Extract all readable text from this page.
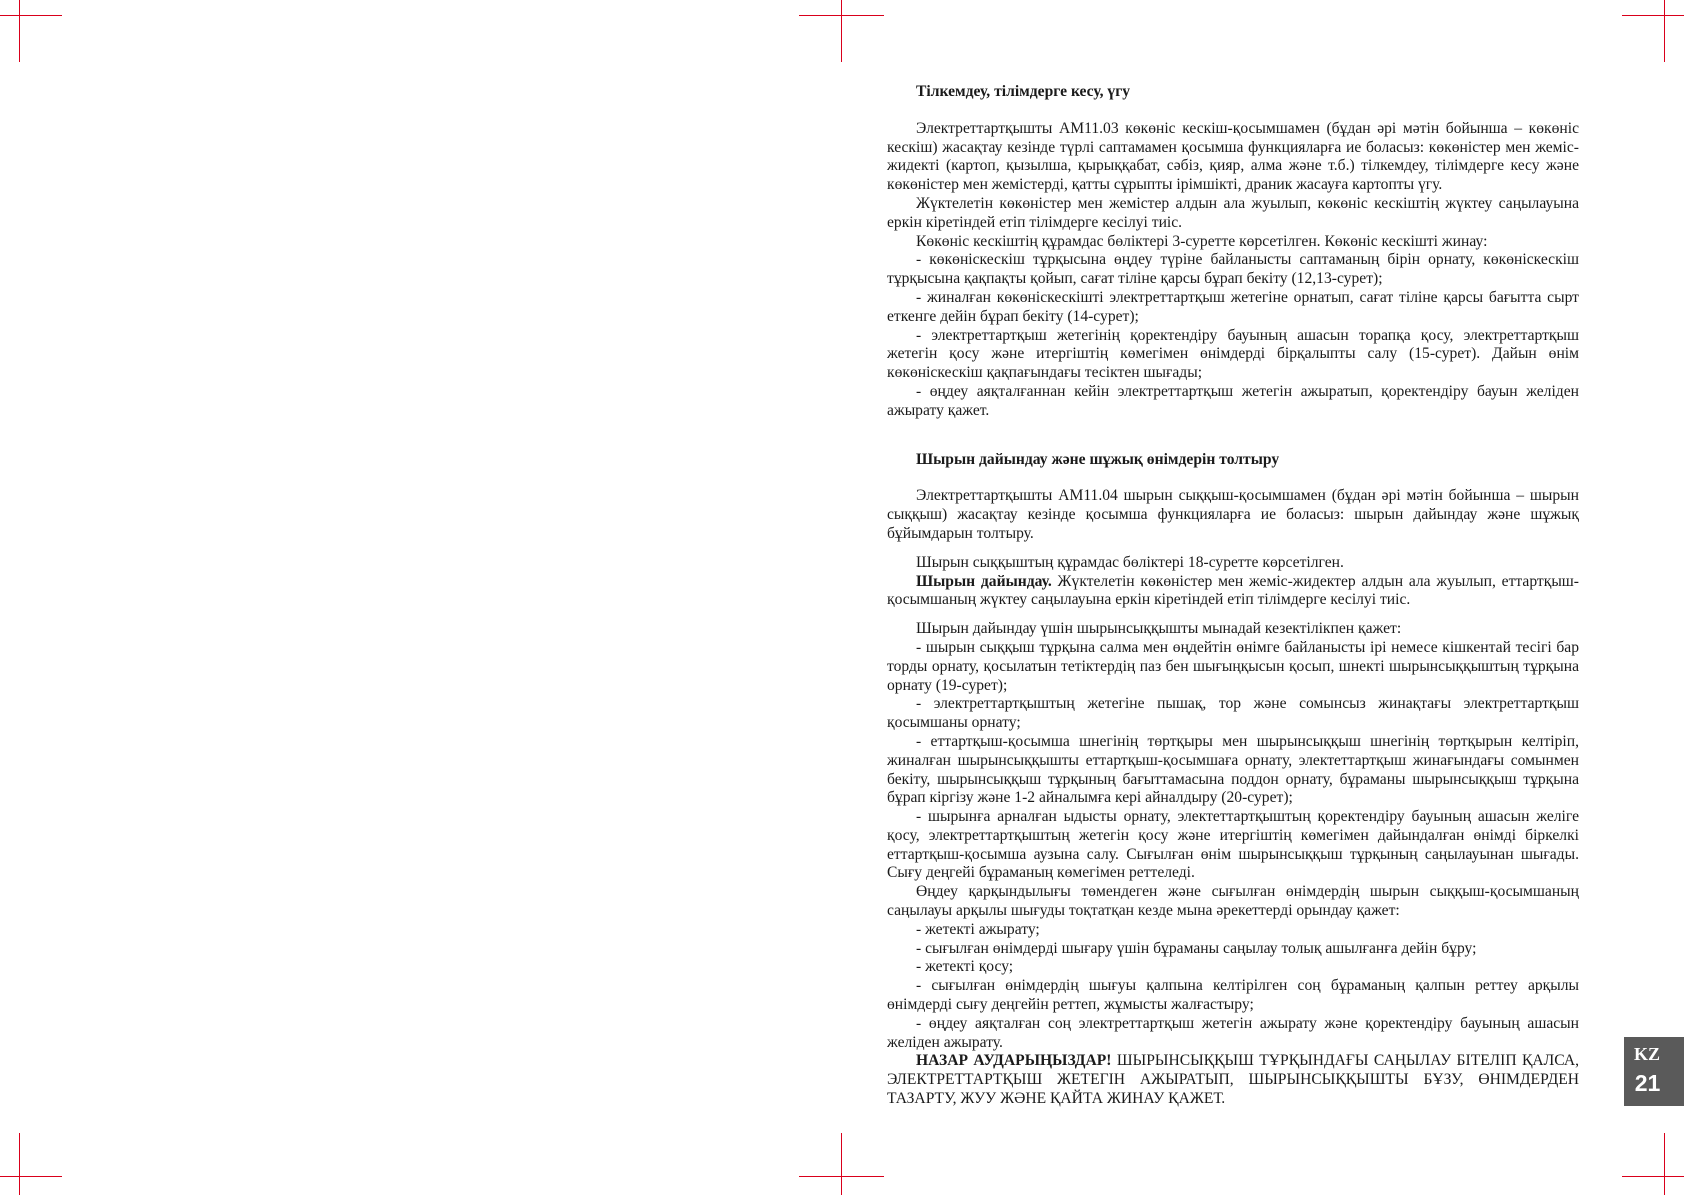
Тілкемдеу, тілімдерге кесу, үгу

Электреттартқышты АМ11.03 көкөніс кескіш-қосымшамен (бұдан әрі мәтін бойынша – көкөніс кескіш) жасақтау кезінде түрлі саптамамен қосымша функцияларға ие боласыз: көкөністер мен жеміс-жидекті (картоп, қызылша, қырыққабат, сәбіз, қияр, алма және т.б.) тілкемдеу, тілімдерге кесу және көкөністер мен жемістерді, қатты сұрыпты ірімшікті, драник жасауға картопты үгу.

Жүктелетін көкөністер мен жемістер алдын ала жуылып, көкөніс кескіштің жүктеу саңылауына еркін кіретіндей етіп тілімдерге кесілуі тиіс.

Көкөніс кескіштің құрамдас бөліктері 3-суретте көрсетілген. Көкөніс кескішті жинау:

- көкөніскескіш тұрқысына өңдеу түріне байланысты саптаманың бірін орнату, көкөніскескіш тұрқысына қақпақты қойып, сағат тіліне қарсы бұрап бекіту (12,13-сурет);

- жиналған көкөніскескішті электреттартқыш жетегіне орнатып, сағат тіліне қарсы бағытта сырт еткенге дейін бұрап бекіту (14-сурет);

- электреттартқыш жетегінің қоректендіру бауының ашасын торапқа қосу, электреттартқыш жетегін қосу және итергіштің көмегімен өнімдерді бірқалыпты салу (15-сурет). Дайын өнім көкөніскескіш қақпағындағы тесіктен шығады;

- өңдеу аяқталғаннан кейін электреттартқыш жетегін ажыратып, қоректендіру бауын желіден ажырату қажет.

Шырын дайындау және шұжық өнімдерін толтыру

Электреттартқышты АМ11.04 шырын сыққыш-қосымшамен (бұдан әрі мәтін бойынша – шырын сыққыш) жасақтау кезінде қосымша функцияларға ие боласыз: шырын дайындау және шұжық бұйымдарын толтыру.

Шырын сыққыштың құрамдас бөліктері 18-суретте көрсетілген.

Шырын дайындау. Жүктелетін көкөністер мен жеміс-жидектер алдын ала жуылып, еттартқыш-қосымшаның жүктеу саңылауына еркін кіретіндей етіп тілімдерге кесілуі тиіс.

Шырын дайындау үшін шырынсыққышты мынадай кезектілікпен қажет:

- шырын сыққыш тұрқына салма мен өңдейтін өнімге байланысты ірі немесе кішкентай тесігі бар торды орнату, қосылатын тетіктердің паз бен шығыңқысын қосып, шнекті шырынсыққыштың тұрқына орнату (19-сурет);

- электреттартқыштың жетегіне пышақ, тор және сомынсыз жинақтағы электреттартқыш қосымшаны орнату;

- еттартқыш-қосымша шнегінің төртқыры мен шырынсыққыш шнегінің төртқырын келтіріп, жиналған шырынсыққышты еттартқыш-қосымшаға орнату, электеттартқыш жинағындағы сомынмен бекіту, шырынсыққыш тұрқының бағыттамасына поддон орнату, бұраманы шырынсыққыш тұрқына бұрап кіргізу және 1-2 айналымға кері айналдыру (20-сурет);

- шырынға арналған ыдысты орнату, электеттартқыштың қоректендіру бауының ашасын желіге қосу, электреттартқыштың жетегін қосу және итергіштің көмегімен дайындалған өнімді біркелкі еттартқыш-қосымша аузына салу. Сығылған өнім шырынсыққыш тұрқының саңылауынан шығады. Сығу деңгейі бұраманың көмегімен реттеледі.

Өңдеу қарқындылығы төмендеген және сығылған өнімдердің шырын сыққыш-қосымшаның саңылауы арқылы шығуды тоқтатқан кезде мына әрекеттерді орындау қажет:

- жетекті ажырату;

- сығылған өнімдерді шығару үшін бұраманы саңылау толық ашылғанға дейін бұру;

- жетекті қосу;

- сығылған өнімдердің шығуы қалпына келтірілген соң бұраманың қалпын реттеу арқылы өнімдерді сығу деңгейін реттеп, жұмысты жалғастыру;

- өңдеу аяқталған соң электреттартқыш жетегін ажырату және қоректендіру бауының ашасын желіден ажырату.

НАЗАР АУДАРЫҢЫЗДАР! ШЫРЫНСЫҚҚЫШ ТҰРҚЫНДАҒЫ САҢЫЛАУ БІТЕЛІП ҚАЛСА, ЭЛЕКТРЕТТАРТҚЫШ ЖЕТЕГІН АЖЫРАТЫП, ШЫРЫНСЫҚҚЫШТЫ БҰЗУ, ӨНІМДЕРДЕН ТАЗАРТУ, ЖУУ ЖӘНЕ ҚАЙТА ЖИНАУ ҚАЖЕТ.

KZ
21
